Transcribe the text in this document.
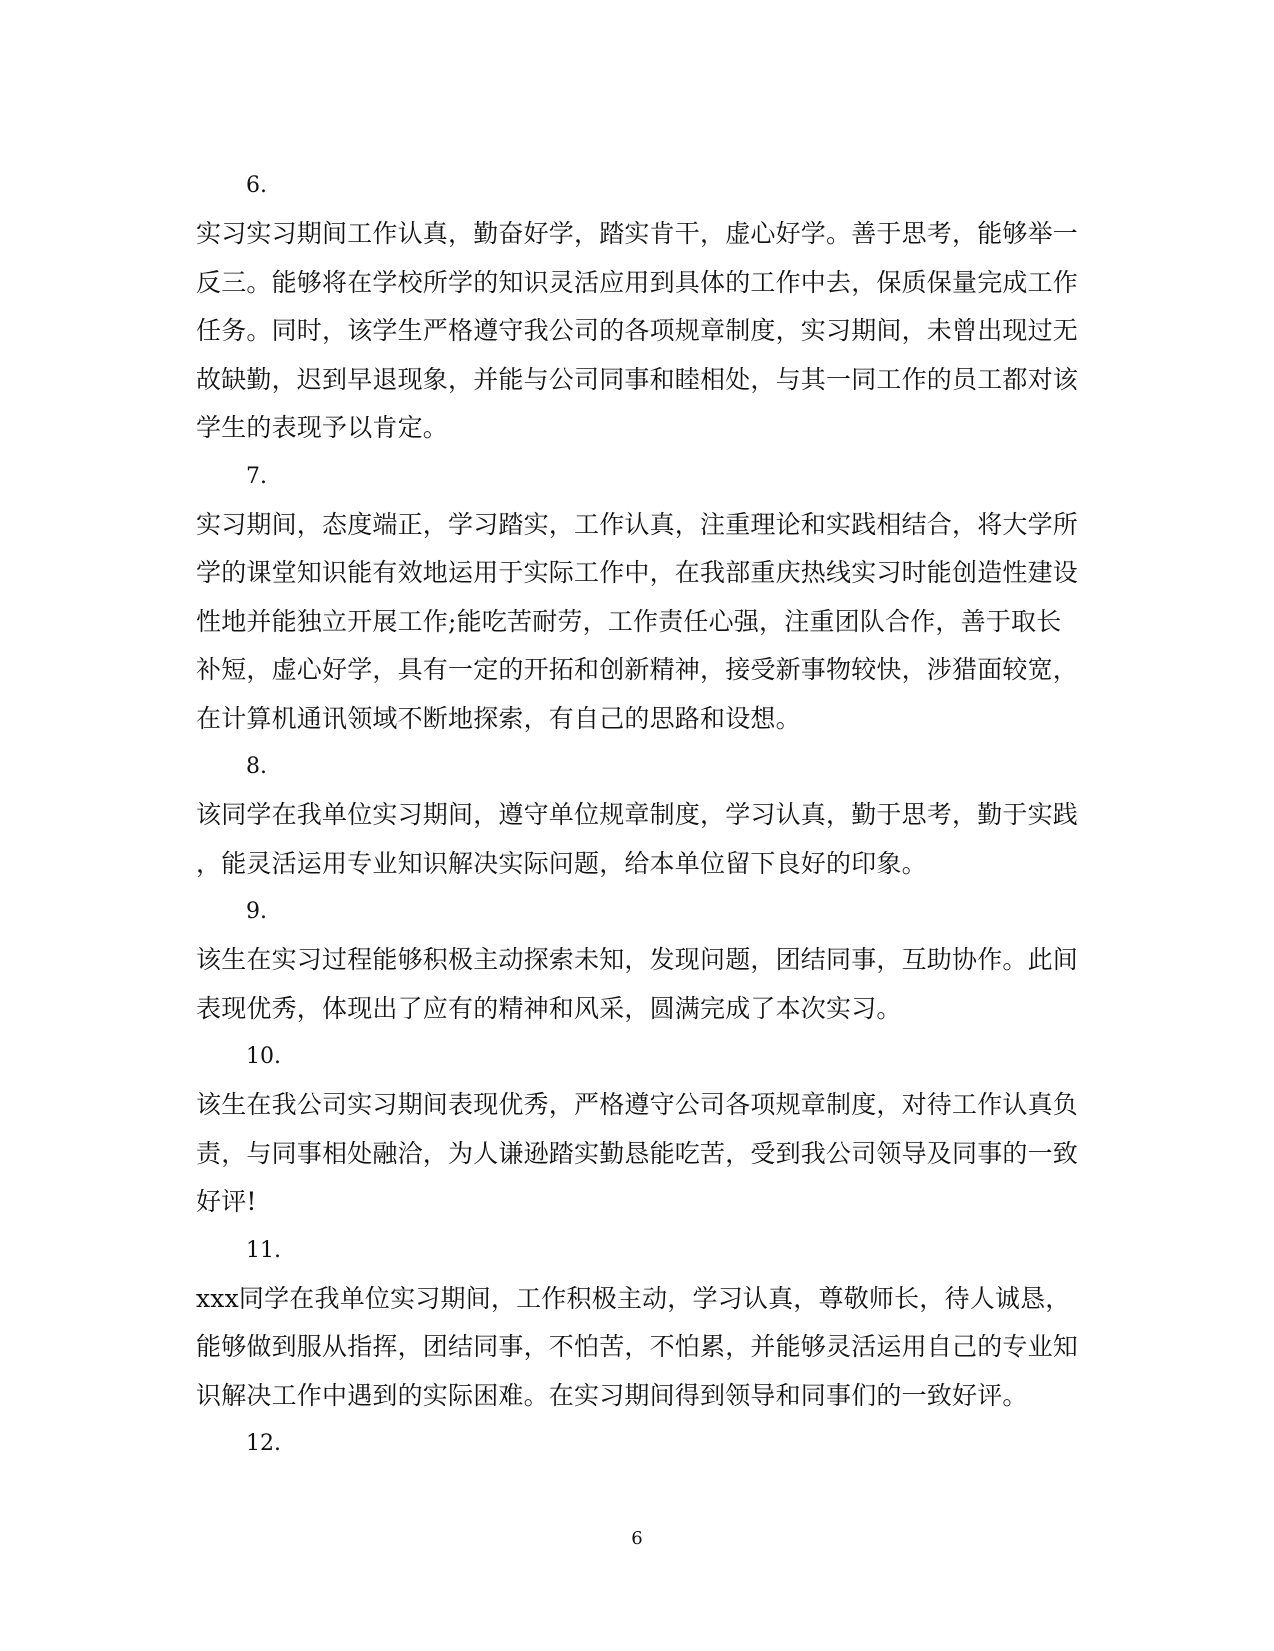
6.
实习实习期间工作认真，勤奋好学，踏实肯干，虚心好学。善于思考，能够举一
反三。能够将在学校所学的知识灵活应用到具体的工作中去，保质保量完成工作
任务。同时，该学生严格遵守我公司的各项规章制度，实习期间，未曾出现过无
故缺勤，迟到早退现象，并能与公司同事和睦相处，与其一同工作的员工都对该
学生的表现予以肯定。
7.
实习期间，态度端正，学习踏实，工作认真，注重理论和实践相结合，将大学所
学的课堂知识能有效地运用于实际工作中，在我部重庆热线实习时能创造性建设
性地并能独立开展工作;能吃苦耐劳，工作责任心强，注重团队合作，善于取长
补短，虚心好学，具有一定的开拓和创新精神，接受新事物较快，涉猎面较宽，
在计算机通讯领域不断地探索，有自己的思路和设想。
8.
该同学在我单位实习期间，遵守单位规章制度，学习认真，勤于思考，勤于实践
，能灵活运用专业知识解决实际问题，给本单位留下良好的印象。
9.
该生在实习过程能够积极主动探索未知，发现问题，团结同事，互助协作。此间
表现优秀，体现出了应有的精神和风采，圆满完成了本次实习。
10.
该生在我公司实习期间表现优秀，严格遵守公司各项规章制度，对待工作认真负
责，与同事相处融洽，为人谦逊踏实勤恳能吃苦，受到我公司领导及同事的一致
好评!
11.
xxx同学在我单位实习期间，工作积极主动，学习认真，尊敬师长，待人诚恳，
能够做到服从指挥，团结同事，不怕苦，不怕累，并能够灵活运用自己的专业知
识解决工作中遇到的实际困难。在实习期间得到领导和同事们的一致好评。
12.
6
